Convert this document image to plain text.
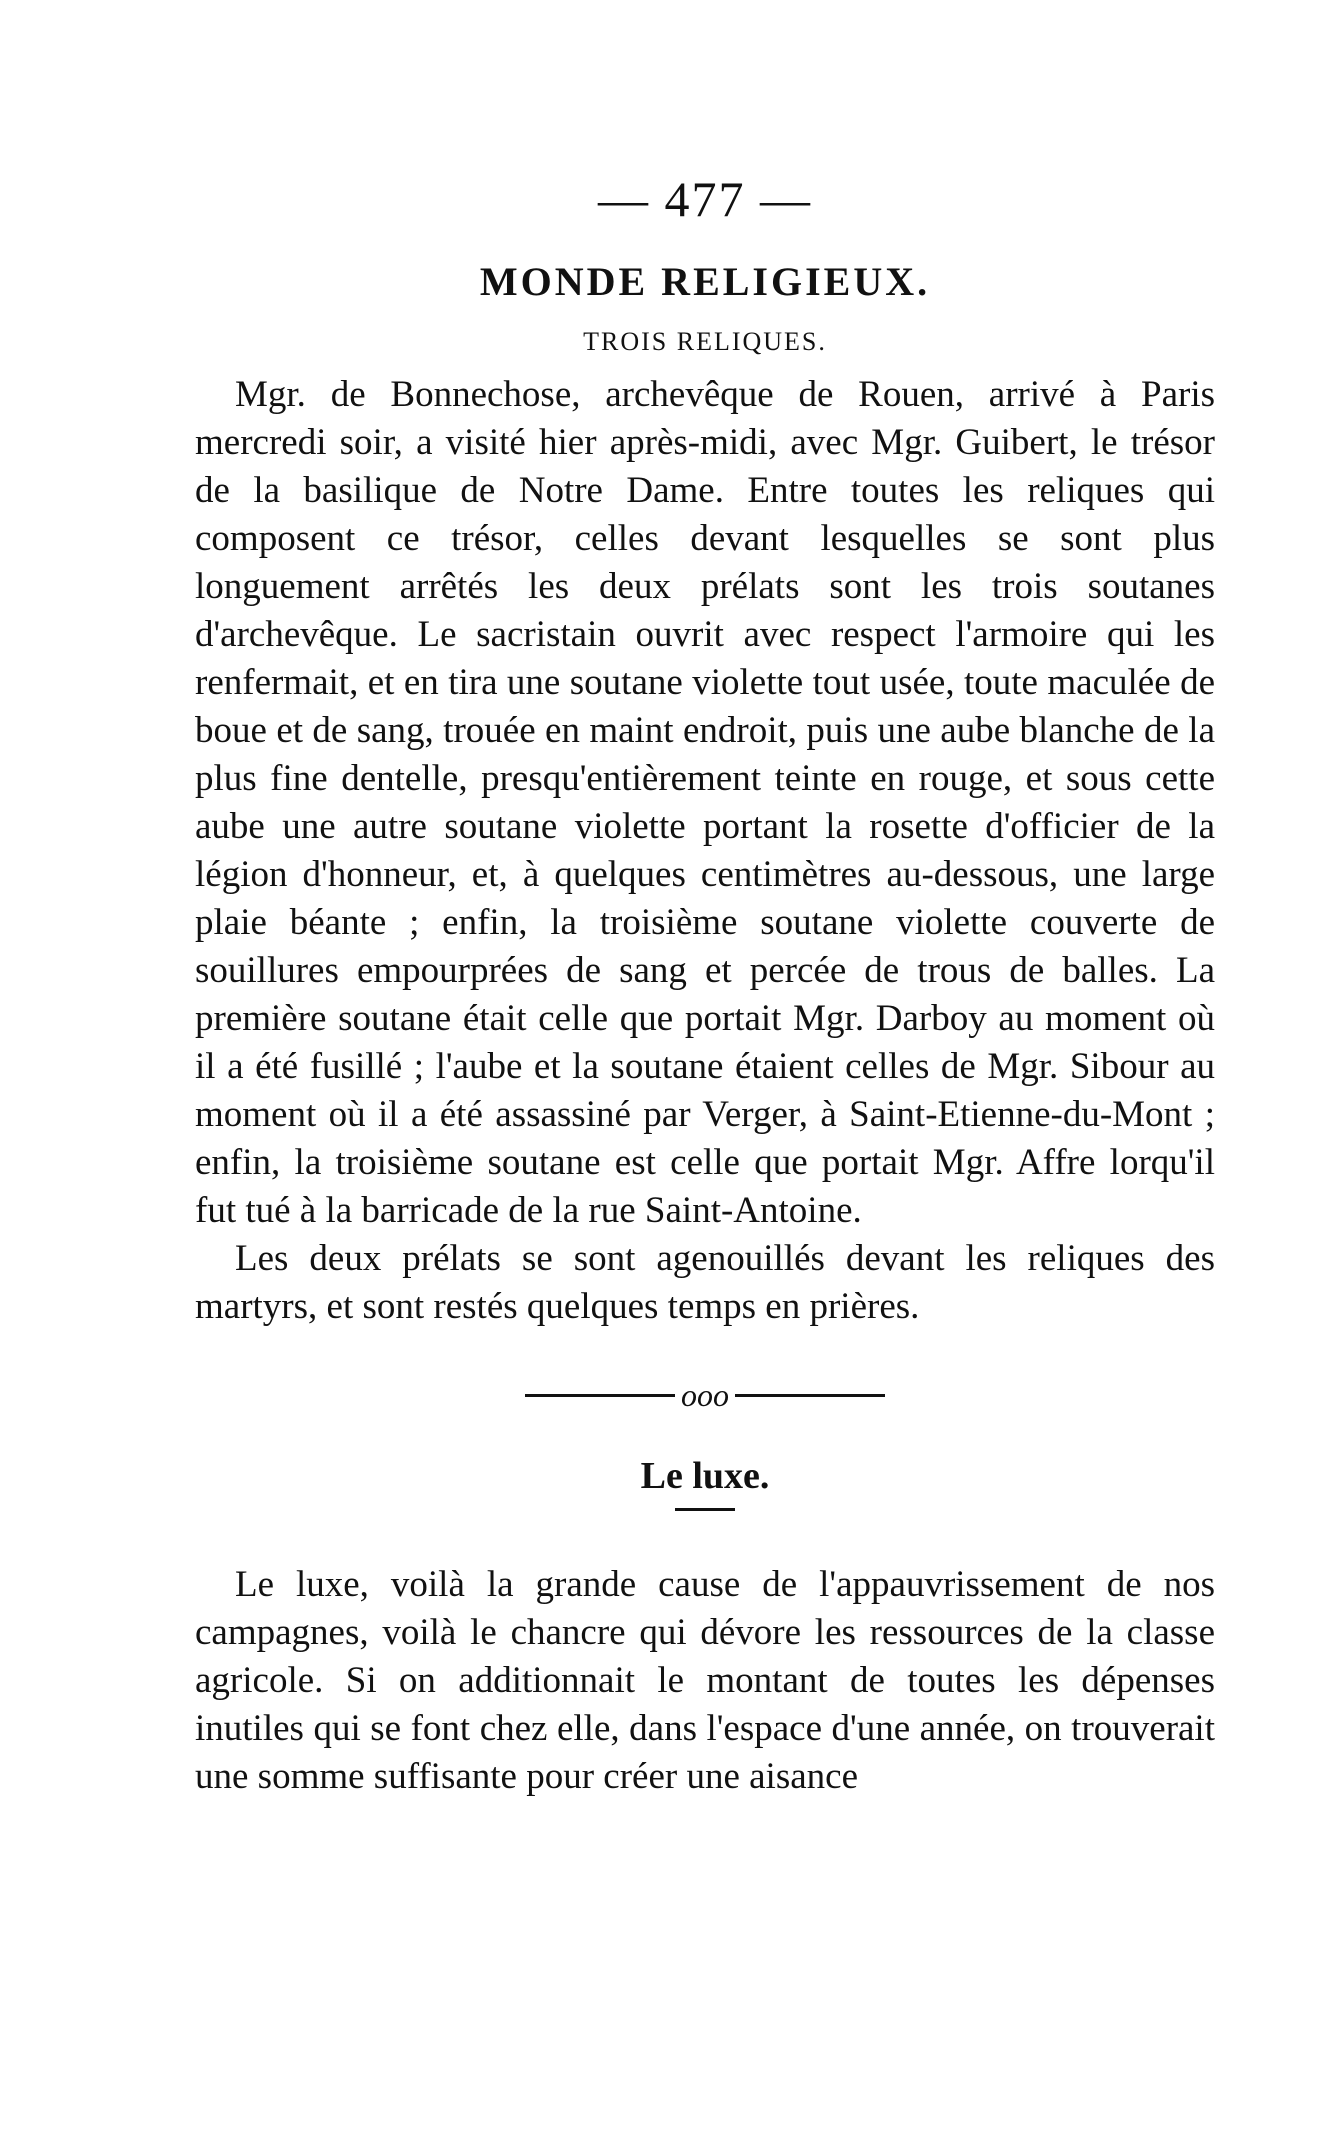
— 477 —
MONDE RELIGIEUX.
TROIS RELIQUES.

Mgr. de Bonnechose, archevêque de Rouen, arrivé à Paris mercredi soir, a visité hier après-midi, avec Mgr. Guibert, le trésor de la basilique de Notre Dame. Entre toutes les reliques qui composent ce trésor, celles devant lesquelles se sont plus longuement arrêtés les deux prélats sont les trois soutanes d'archevêque. Le sacristain ouvrit avec respect l'armoire qui les renfermait, et en tira une soutane violette tout usée, toute maculée de boue et de sang, trouée en maint endroit, puis une aube blanche de la plus fine dentelle, presqu'entièrement teinte en rouge, et sous cette aube une autre soutane violette portant la rosette d'officier de la légion d'honneur, et, à quelques centimètres au-dessous, une large plaie béante ; enfin, la troisième soutane violette couverte de souillures empourprées de sang et percée de trous de balles. La première soutane était celle que portait Mgr. Darboy au moment où il a été fusillé ; l'aube et la soutane étaient celles de Mgr. Sibour au moment où il a été assassiné par Verger, à Saint-Etienne-du-Mont ; enfin, la troisième soutane est celle que portait Mgr. Affre lorqu'il fut tué à la barricade de la rue Saint-Antoine.

Les deux prélats se sont agenouillés devant les reliques des martyrs, et sont restés quelques temps en prières.

ooo
Le luxe.

Le luxe, voilà la grande cause de l'appauvrissement de nos campagnes, voilà le chancre qui dévore les ressources de la classe agricole. Si on additionnait le montant de toutes les dépenses inutiles qui se font chez elle, dans l'espace d'une année, on trouverait une somme suffisante pour créer une aisance
